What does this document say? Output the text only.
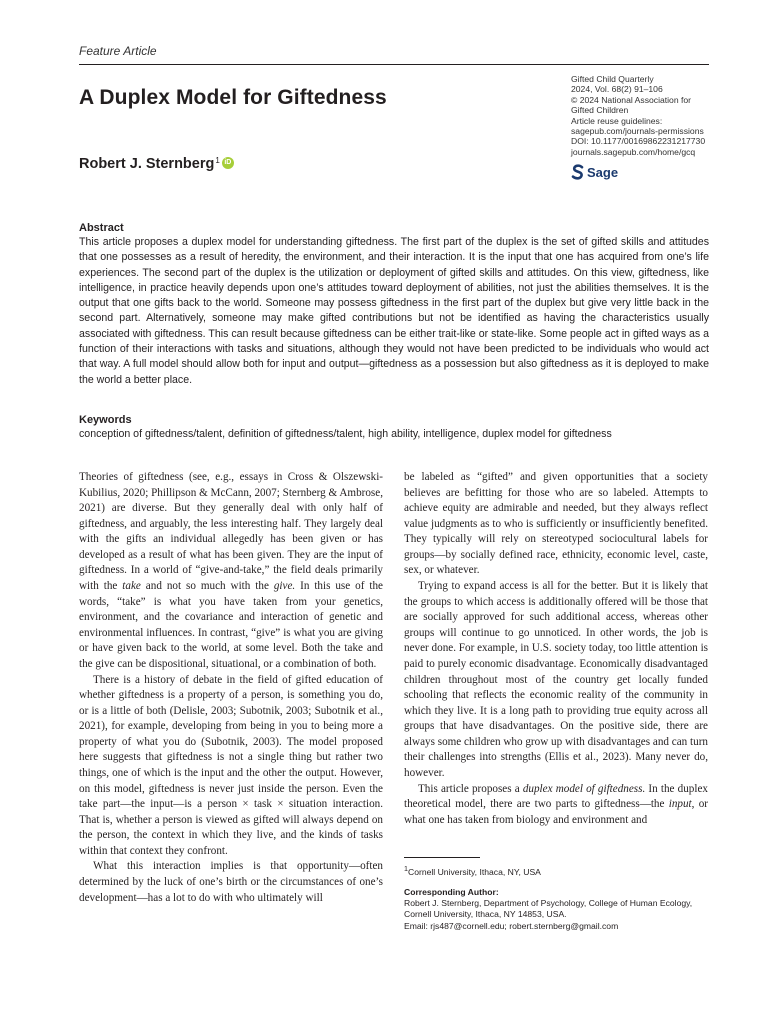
Feature Article
A Duplex Model for Giftedness
Robert J. Sternberg$^1$ iD
Gifted Child Quarterly
2024, Vol. 68(2) 91–106
© 2024 National Association for
Gifted Children
Article reuse guidelines:
sagepub.com/journals-permissions
DOI: 10.1177/00169862231217730
journals.sagepub.com/home/gcq
Sage
Abstract

This article proposes a duplex model for understanding giftedness. The first part of the duplex is the set of gifted skills and attitudes that one possesses as a result of heredity, the environment, and their interaction. It is the input that one has acquired from one’s life experiences. The second part of the duplex is the utilization or deployment of gifted skills and attitudes. On this view, giftedness, like intelligence, in practice heavily depends upon one’s attitudes toward deployment of abilities, not just the abilities themselves. It is the output that one gifts back to the world. Someone may possess giftedness in the first part of the duplex but give very little back in the second part. Alternatively, someone may make gifted contributions but not be identified as having the characteristics usually associated with giftedness. This can result because giftedness can be either trait-like or state-like. Some people act in gifted ways as a function of their interactions with tasks and situations, although they would not have been predicted to be individuals who would act that way. A full model should allow both for input and output—giftedness as a possession but also giftedness as it is deployed to make the world a better place.

Keywords

conception of giftedness/talent, definition of giftedness/talent, high ability, intelligence, duplex model for giftedness

Theories of giftedness (see, e.g., essays in Cross & Olszewski-Kubilius, 2020; Phillipson & McCann, 2007; Sternberg & Ambrose, 2021) are diverse. But they generally deal with only half of giftedness, and arguably, the less interesting half. They largely deal with the gifts an individual allegedly has been given or has developed as a result of what has been given. They are the input of giftedness. In a world of “give-and-take,” the field deals primarily with the take and not so much with the give. In this use of the words, “take” is what you have taken from your genetics, environment, and the covariance and interaction of genetic and environmental influences. In contrast, “give” is what you are giving or have given back to the world, at some level. Both the take and the give can be dispositional, situational, or a combination of both.

There is a history of debate in the field of gifted education of whether giftedness is a property of a person, is something you do, or is a little of both (Delisle, 2003; Subotnik, 2003; Subotnik et al., 2021), for example, developing from being in you to being more a property of what you do (Subotnik, 2003). The model proposed here suggests that giftedness is not a single thing but rather two things, one of which is the input and the other the output. However, on this model, giftedness is never just inside the person. Even the take part—the input—is a person × task × situation interaction. That is, whether a person is viewed as gifted will always depend on the person, the context in which they live, and the kinds of tasks within that context they confront.

What this interaction implies is that opportunity—often determined by the luck of one’s birth or the circumstances of one’s development—has a lot to do with who ultimately will

be labeled as “gifted” and given opportunities that a society believes are befitting for those who are so labeled. Attempts to achieve equity are admirable and needed, but they always reflect value judgments as to who is sufficiently or insufficiently benefited. They typically will rely on stereotyped sociocultural labels for groups—by socially defined race, ethnicity, economic level, caste, sex, or whatever.

Trying to expand access is all for the better. But it is likely that the groups to which access is additionally offered will be those that are socially approved for such additional access, whereas other groups will continue to go unnoticed. In other words, the job is never done. For example, in U.S. society today, too little attention is paid to purely economic disadvantage. Economically disadvantaged children throughout most of the country get locally funded schooling that reflects the economic reality of the community in which they live. It is a long path to providing true equity across all groups that have disadvantages. On the positive side, there are always some children who grow up with disadvantages and can turn their challenges into strengths (Ellis et al., 2023). Many never do, however.

This article proposes a duplex model of giftedness. In the duplex theoretical model, there are two parts to giftedness—the input, or what one has taken from biology and environment and

$^1$Cornell University, Ithaca, NY, USA
Corresponding Author:
Robert J. Sternberg, Department of Psychology, College of Human Ecology, Cornell University, Ithaca, NY 14853, USA.
Email: rjs487@cornell.edu; robert.sternberg@gmail.com
